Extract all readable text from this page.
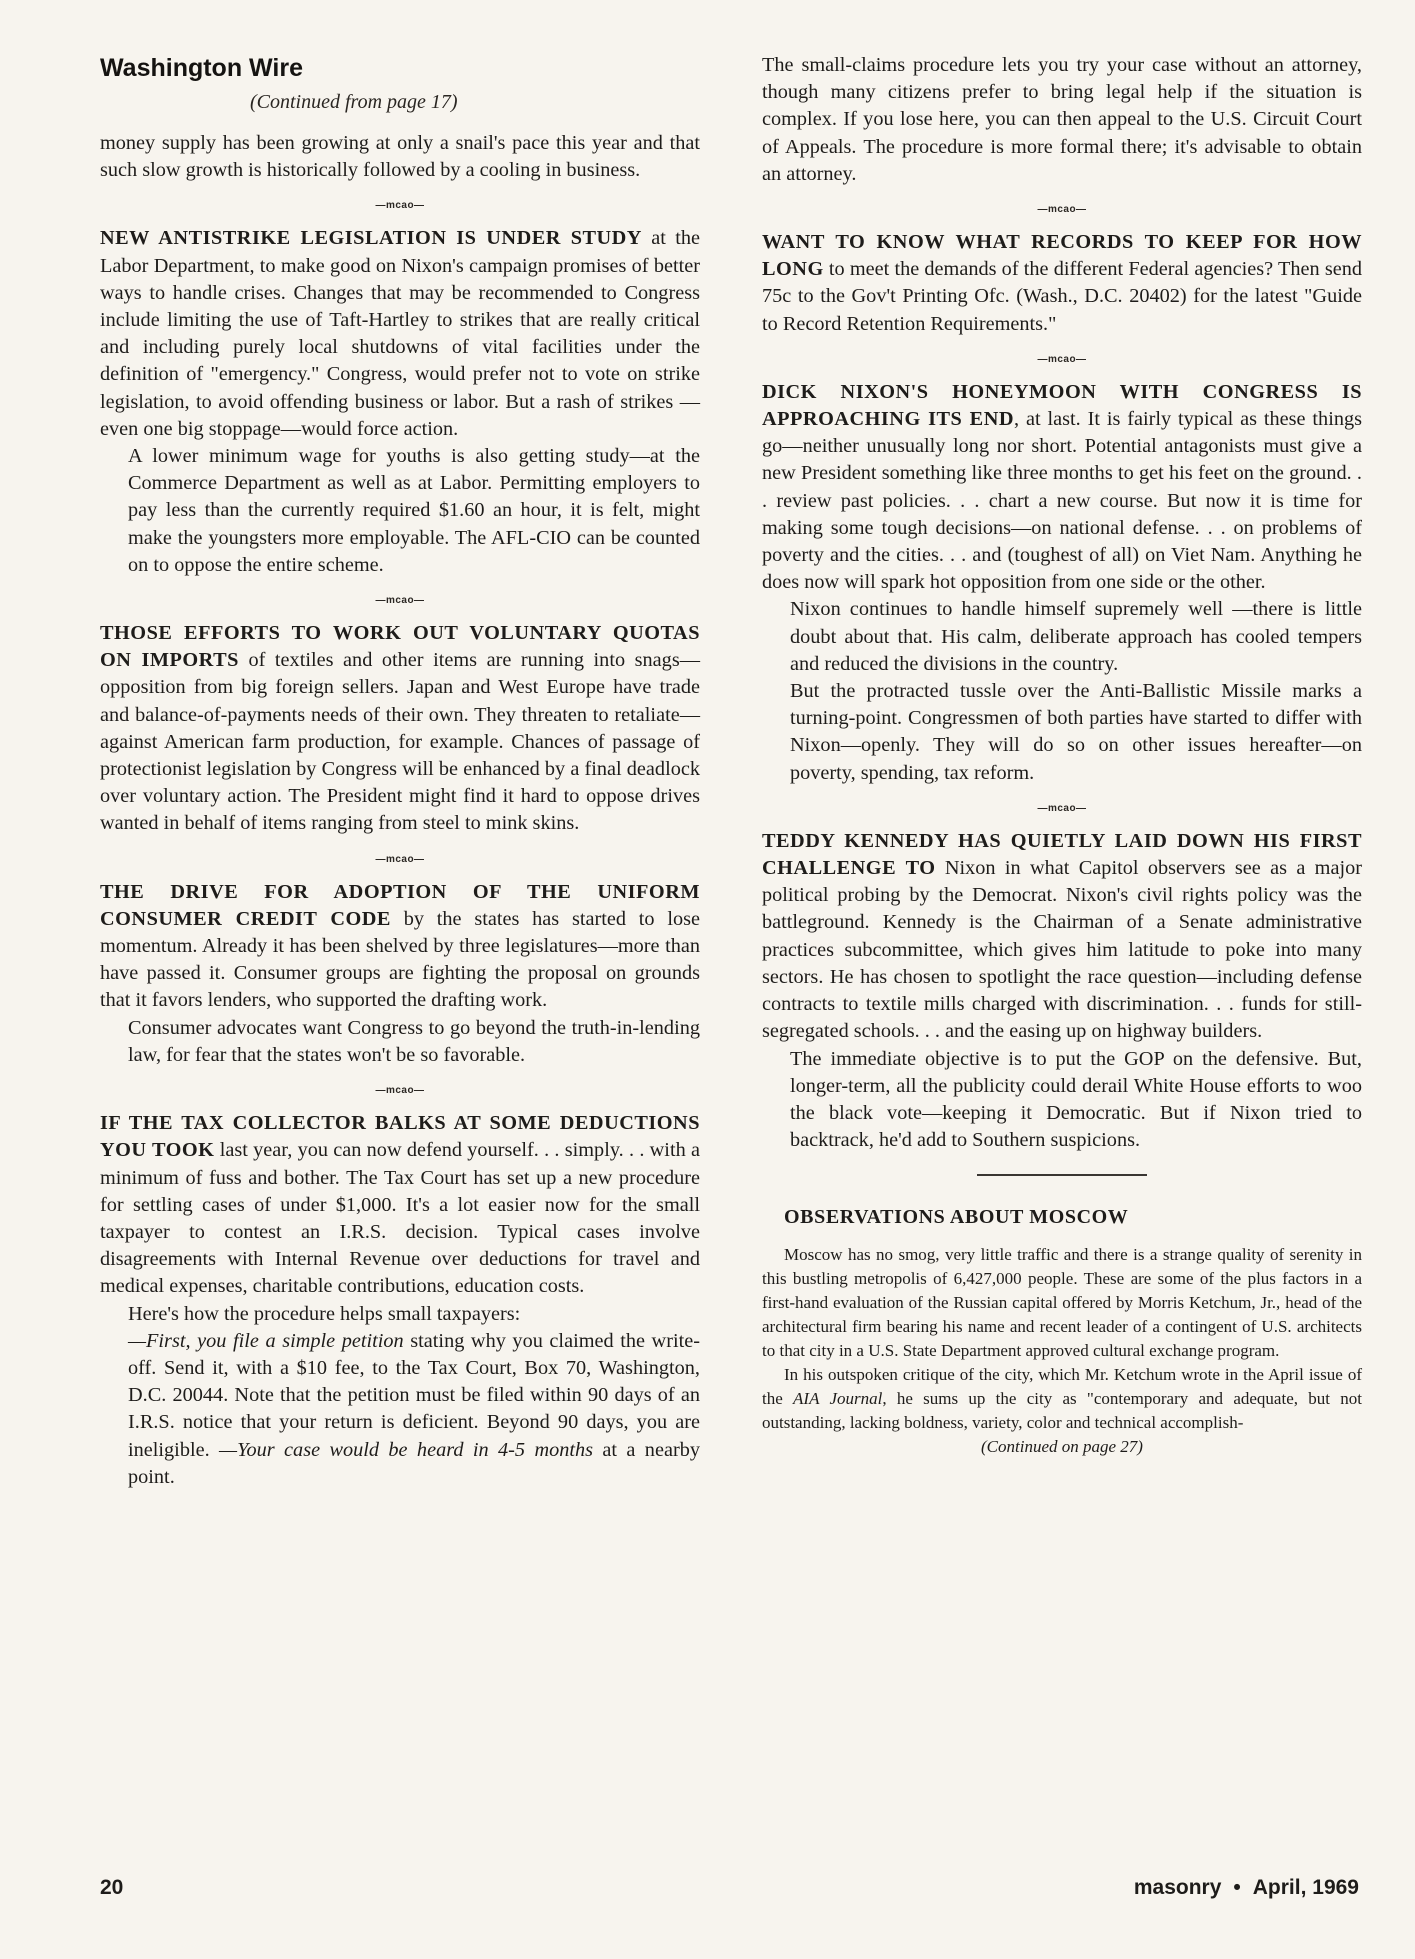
Washington Wire
(Continued from page 17)

money supply has been growing at only a snail's pace this year and that such slow growth is historically followed by a cooling in business.

—mcao—

NEW ANTISTRIKE LEGISLATION IS UNDER STUDY at the Labor Department, to make good on Nixon's campaign promises of better ways to handle crises. Changes that may be recommended to Congress include limiting the use of Taft-Hartley to strikes that are really critical and including purely local shutdowns of vital facilities under the definition of "emergency." Congress, would prefer not to vote on strike legislation, to avoid offending business or labor. But a rash of strikes —even one big stoppage—would force action.

A lower minimum wage for youths is also getting study—at the Commerce Department as well as at Labor. Permitting employers to pay less than the currently required $1.60 an hour, it is felt, might make the youngsters more employable. The AFL-CIO can be counted on to oppose the entire scheme.

—mcao—

THOSE EFFORTS TO WORK OUT VOLUNTARY QUOTAS ON IMPORTS of textiles and other items are running into snags—opposition from big foreign sellers. Japan and West Europe have trade and balance-of-payments needs of their own. They threaten to retaliate—against American farm production, for example. Chances of passage of protectionist legislation by Congress will be enhanced by a final deadlock over voluntary action. The President might find it hard to oppose drives wanted in behalf of items ranging from steel to mink skins.

—mcao—

THE DRIVE FOR ADOPTION OF THE UNIFORM CONSUMER CREDIT CODE by the states has started to lose momentum. Already it has been shelved by three legislatures—more than have passed it. Consumer groups are fighting the proposal on grounds that it favors lenders, who supported the drafting work.

Consumer advocates want Congress to go beyond the truth-in-lending law, for fear that the states won't be so favorable.

—mcao—

IF THE TAX COLLECTOR BALKS AT SOME DEDUCTIONS YOU TOOK last year, you can now defend yourself. . . simply. . . with a minimum of fuss and bother. The Tax Court has set up a new procedure for settling cases of under $1,000. It's a lot easier now for the small taxpayer to contest an I.R.S. decision. Typical cases involve disagreements with Internal Revenue over deductions for travel and medical expenses, charitable contributions, education costs.

Here's how the procedure helps small taxpayers:

—First, you file a simple petition stating why you claimed the write-off. Send it, with a $10 fee, to the Tax Court, Box 70, Washington, D.C. 20044. Note that the petition must be filed within 90 days of an I.R.S. notice that your return is deficient. Beyond 90 days, you are ineligible. —Your case would be heard in 4-5 months at a nearby point.

The small-claims procedure lets you try your case without an attorney, though many citizens prefer to bring legal help if the situation is complex. If you lose here, you can then appeal to the U.S. Circuit Court of Appeals. The procedure is more formal there; it's advisable to obtain an attorney.

—mcao—

WANT TO KNOW WHAT RECORDS TO KEEP FOR HOW LONG to meet the demands of the different Federal agencies? Then send 75c to the Gov't Printing Ofc. (Wash., D.C. 20402) for the latest "Guide to Record Retention Requirements."

—mcao—

DICK NIXON'S HONEYMOON WITH CONGRESS IS APPROACHING ITS END, at last. It is fairly typical as these things go—neither unusually long nor short. Potential antagonists must give a new President something like three months to get his feet on the ground. . . review past policies. . . chart a new course. But now it is time for making some tough decisions—on national defense. . . on problems of poverty and the cities. . . and (toughest of all) on Viet Nam. Anything he does now will spark hot opposition from one side or the other.

Nixon continues to handle himself supremely well —there is little doubt about that. His calm, deliberate approach has cooled tempers and reduced the divisions in the country.

But the protracted tussle over the Anti-Ballistic Missile marks a turning-point. Congressmen of both parties have started to differ with Nixon—openly. They will do so on other issues hereafter—on poverty, spending, tax reform.

—mcao—

TEDDY KENNEDY HAS QUIETLY LAID DOWN HIS FIRST CHALLENGE TO Nixon in what Capitol observers see as a major political probing by the Democrat. Nixon's civil rights policy was the battleground. Kennedy is the Chairman of a Senate administrative practices subcommittee, which gives him latitude to poke into many sectors. He has chosen to spotlight the race question—including defense contracts to textile mills charged with discrimination. . . funds for still-segregated schools. . . and the easing up on highway builders.

The immediate objective is to put the GOP on the defensive. But, longer-term, all the publicity could derail White House efforts to woo the black vote—keeping it Democratic. But if Nixon tried to backtrack, he'd add to Southern suspicions.

OBSERVATIONS ABOUT MOSCOW

Moscow has no smog, very little traffic and there is a strange quality of serenity in this bustling metropolis of 6,427,000 people. These are some of the plus factors in a first-hand evaluation of the Russian capital offered by Morris Ketchum, Jr., head of the architectural firm bearing his name and recent leader of a contingent of U.S. architects to that city in a U.S. State Department approved cultural exchange program.

In his outspoken critique of the city, which Mr. Ketchum wrote in the April issue of the AIA Journal, he sums up the city as "contemporary and adequate, but not outstanding, lacking boldness, variety, color and technical accomplish-

(Continued on page 27)
20	masonry • April, 1969
